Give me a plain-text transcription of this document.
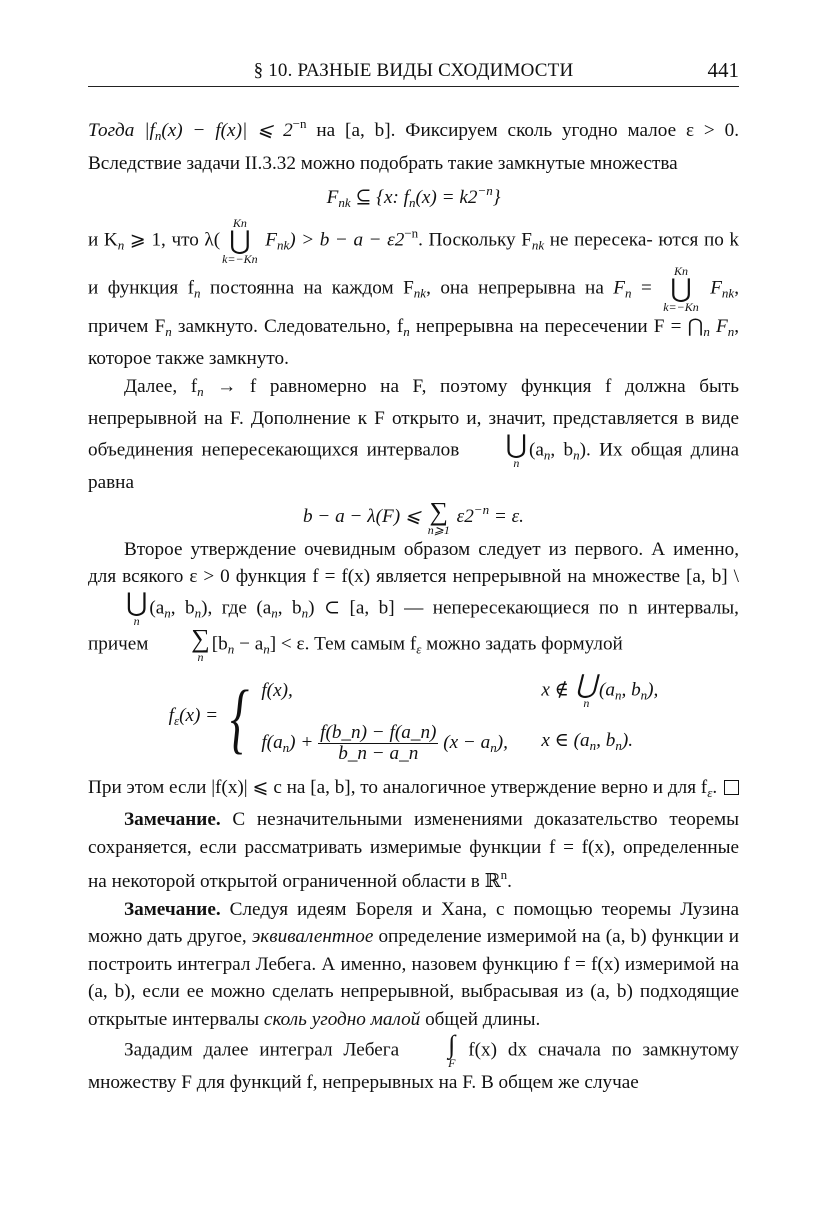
§ 10. РАЗНЫЕ ВИДЫ СХОДИМОСТИ	441

Тогда $|f_n(x) - f(x)|$ ⩽ $2^{-n}$ на [a, b]. Фиксируем сколь угодно малое ε > 0. Вследствие задачи II.3.32 можно подобрать такие замкнутые множества

$F_{nk}$ ⊆ {x: $f_n(x) = k2^{-n}$}

и $K_n$ ⩾ 1, что λ(
Kn
⋃
k=−Kn
$F_{nk}) > b - a - \varepsilon 2^{-n}$. Поскольку $F_{nk}$ не пересека- ются по k и функция $f_n$ постоянна на каждом $F_{nk}$, она непрерывна на $F_n$ =
Kn
⋃
k=−Kn
$F_{nk}$, причем $F_n$ замкнуто. Следовательно, $f_n$ непрерывна на пересечении $F = ⋂_n$ $F_n$, которое также замкнуто.

Далее, $f_n \to f$ равномерно на F, поэтому функция f должна быть непрерывной на F. Дополнение к F открыто и, значит, представляется в виде объединения непересекающихся интервалов	⋃
n
($a_n$, $b_n$). Их общая длина равна

b − a − λ(F) ⩽ ∑
n⩾1
$\varepsilon 2^{-n} = \varepsilon$.

Второе утверждение очевидным образом следует из первого. А именно, для всякого ε > 0 функция f = f(x) является непрерывной на множестве [a, b] \
⋃
n
($a_n$, $b_n$), где ($a_n$, $b_n$) ⊂ [a, b] — непересекающиеся по n интервалы, причем	∑
n
$[b_n - a_n] < \varepsilon$. Тем самым $f_\varepsilon$ можно задать формулой

$f_\varepsilon(x)$ = { f(x),	x ∉ ⋃
n
($a_n$, $b_n$),
$f(a_n) + \frac{f(b\_n) - f(a\_n)}{b\_n - a\_n} (x - a_n)$,	x ∈ ($a_n$, $b_n$).

При этом если |f(x)| ⩽ c на [a, b], то аналогичное утверждение верно и для $f_\varepsilon$.

Замечание. С незначительными изменениями доказательство теоремы сохраняется, если рассматривать измеримые функции f = f(x), определенные на некоторой открытой ограниченной области в ℝ$^n$.

Замечание. Следуя идеям Бореля и Хана, с помощью теоремы Лузина можно дать другое, эквивалентное определение измеримой на (a, b) функции и построить интеграл Лебега. А именно, назовем функцию f = f(x) измеримой на (a, b), если ее можно сделать непрерывной, выбрасывая из (a, b) подходящие открытые интервалы сколь угодно малой общей длины.

Зададим далее интеграл Лебега	∫
F
f(x) dx сначала по замкнутому множеству F для функций f, непрерывных на F. В общем же случае
